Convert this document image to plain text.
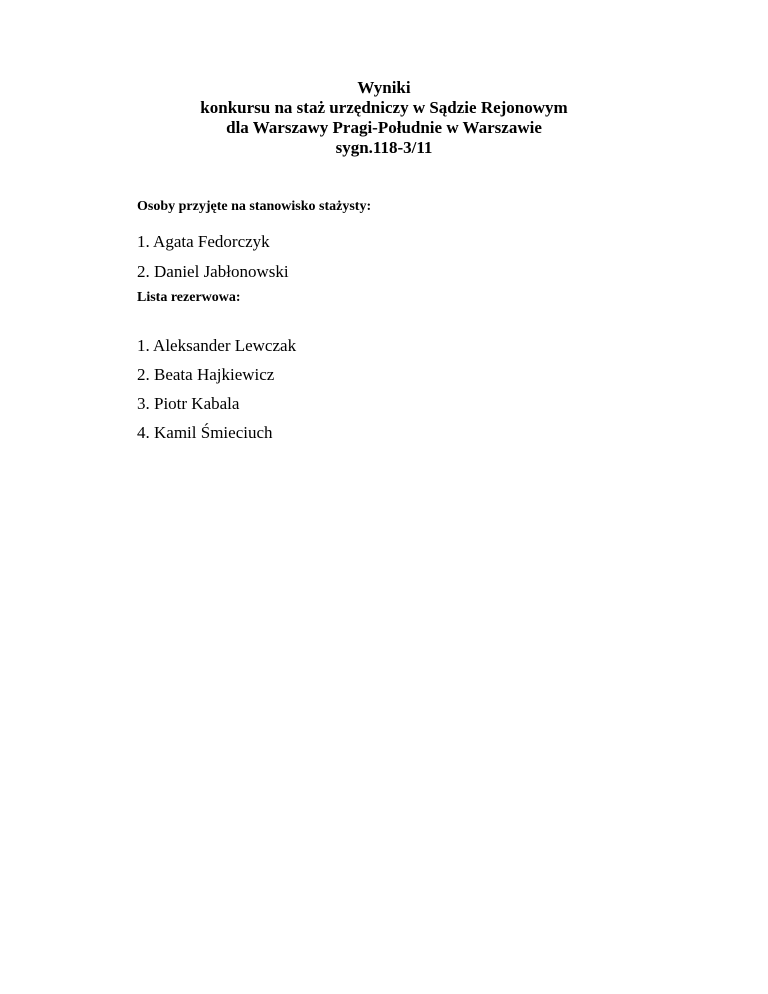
Wyniki
konkursu na staż urzędniczy w Sądzie Rejonowym
dla Warszawy Pragi-Południe w Warszawie
sygn.118-3/11
Osoby przyjęte na stanowisko stażysty:
1. Agata Fedorczyk
2. Daniel Jabłonowski
Lista rezerwowa:
1. Aleksander Lewczak
2. Beata Hajkiewicz
3. Piotr Kabala
4. Kamil Śmieciuch
